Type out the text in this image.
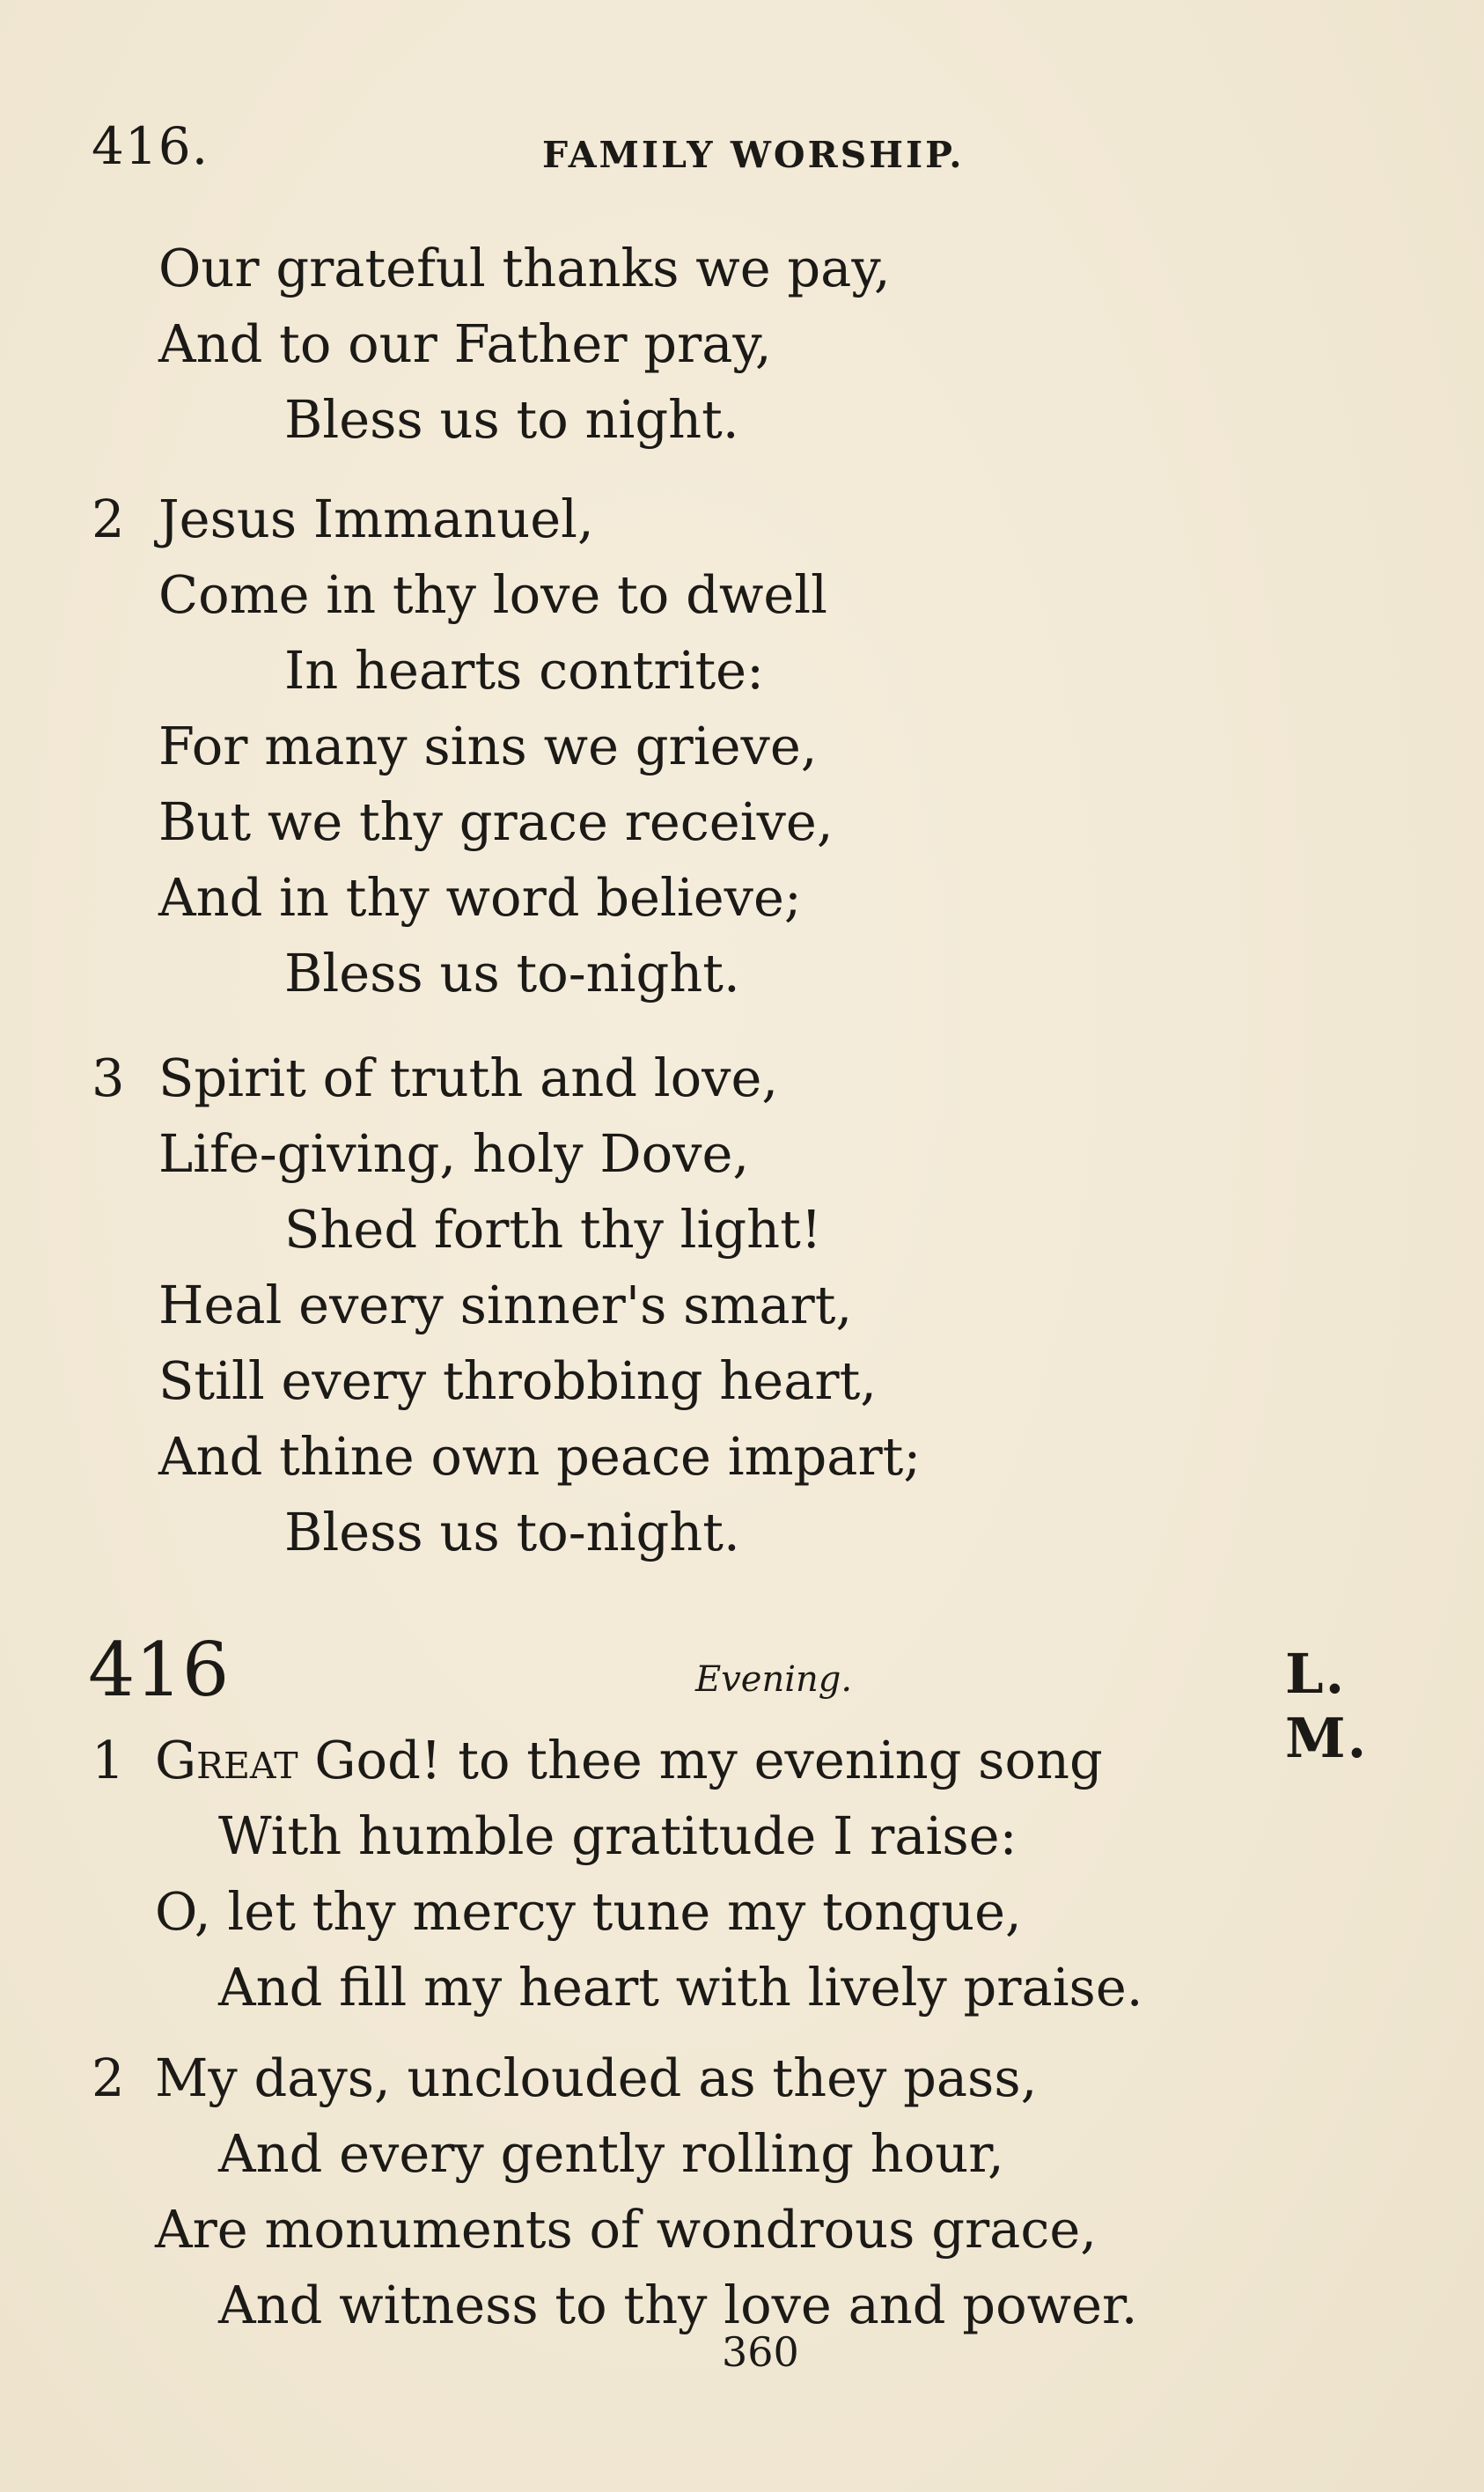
416.	FAMILY WORSHIP.
Our grateful thanks we pay,
And to our Father pray,
Bless us to night.
2 Jesus Immanuel,
Come in thy love to dwell
In hearts contrite:
For many sins we grieve,
But we thy grace receive,
And in thy word believe;
Bless us to-night.
3 Spirit of truth and love,
Life-giving, holy Dove,
Shed forth thy light!
Heal every sinner's smart,
Still every throbbing heart,
And thine own peace impart;
Bless us to-night.
416	Evening.	L. M.
1 Great God! to thee my evening song
With humble gratitude I raise:
O, let thy mercy tune my tongue,
And fill my heart with lively praise.
2 My days, unclouded as they pass,
And every gently rolling hour,
Are monuments of wondrous grace,
And witness to thy love and power.
360
